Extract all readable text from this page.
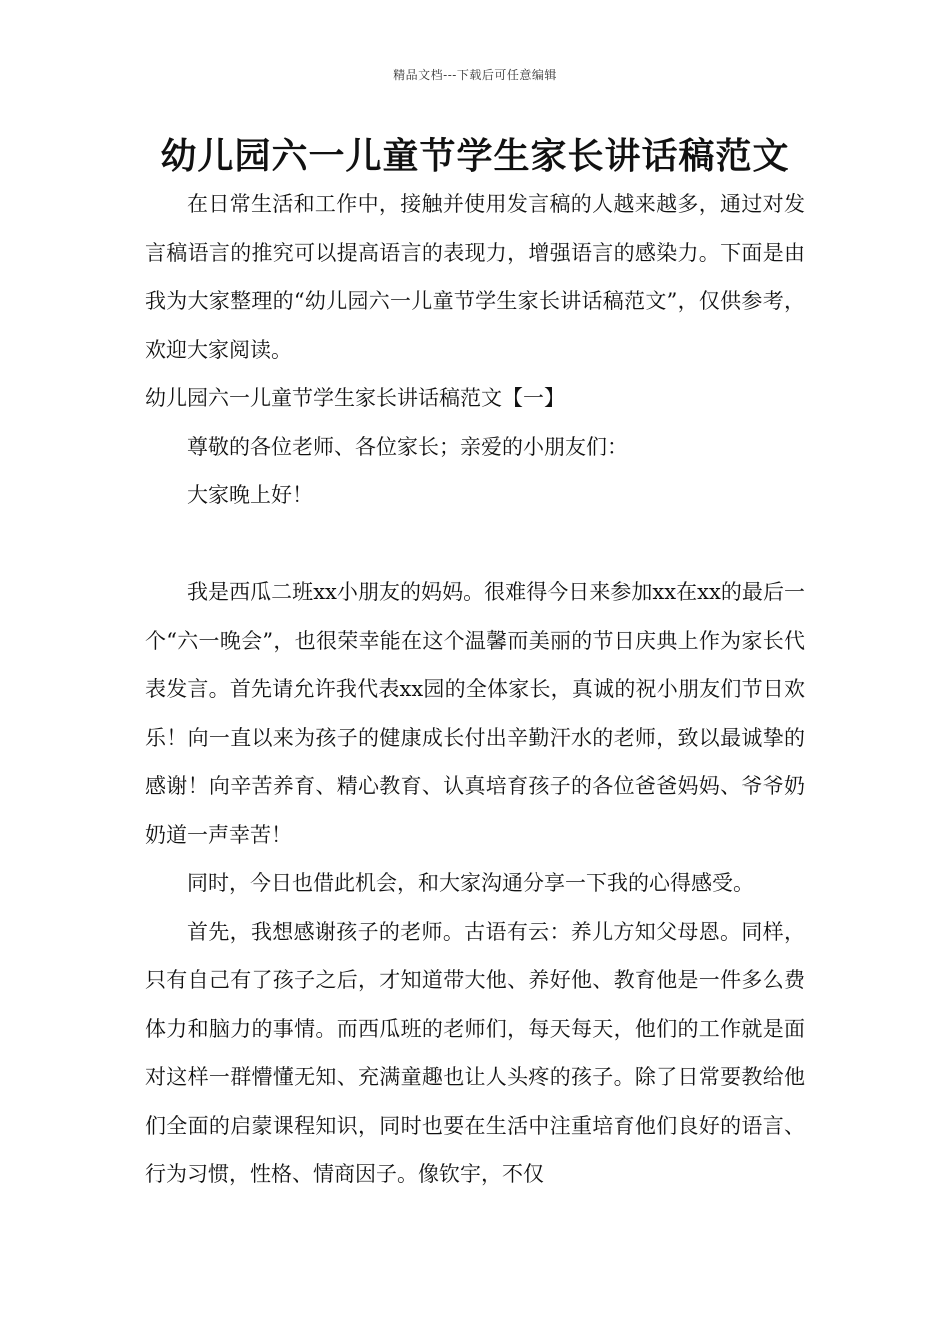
精品文档---下载后可任意编辑
幼儿园六一儿童节学生家长讲话稿范文

在日常生活和工作中，接触并使用发言稿的人越来越多，通过对发言稿语言的推究可以提高语言的表现力，增强语言的感染力。下面是由我为大家整理的“幼儿园六一儿童节学生家长讲话稿范文”，仅供参考，欢迎大家阅读。

幼儿园六一儿童节学生家长讲话稿范文【一】

尊敬的各位老师、各位家长；亲爱的小朋友们：

大家晚上好！

我是西瓜二班xx小朋友的妈妈。很难得今日来参加xx在xx的最后一个“六一晚会”，也很荣幸能在这个温馨而美丽的节日庆典上作为家长代表发言。首先请允许我代表xx园的全体家长，真诚的祝小朋友们节日欢乐！向一直以来为孩子的健康成长付出辛勤汗水的老师，致以最诚挚的感谢！向辛苦养育、精心教育、认真培育孩子的各位爸爸妈妈、爷爷奶奶道一声幸苦！

同时，今日也借此机会，和大家沟通分享一下我的心得感受。

首先，我想感谢孩子的老师。古语有云：养儿方知父母恩。同样，只有自己有了孩子之后，才知道带大他、养好他、教育他是一件多么费体力和脑力的事情。而西瓜班的老师们，每天每天，他们的工作就是面对这样一群懵懂无知、充满童趣也让人头疼的孩子。除了日常要教给他们全面的启蒙课程知识，同时也要在生活中注重培育他们良好的语言、行为习惯，性格、情商因子。像钦宇，不仅
